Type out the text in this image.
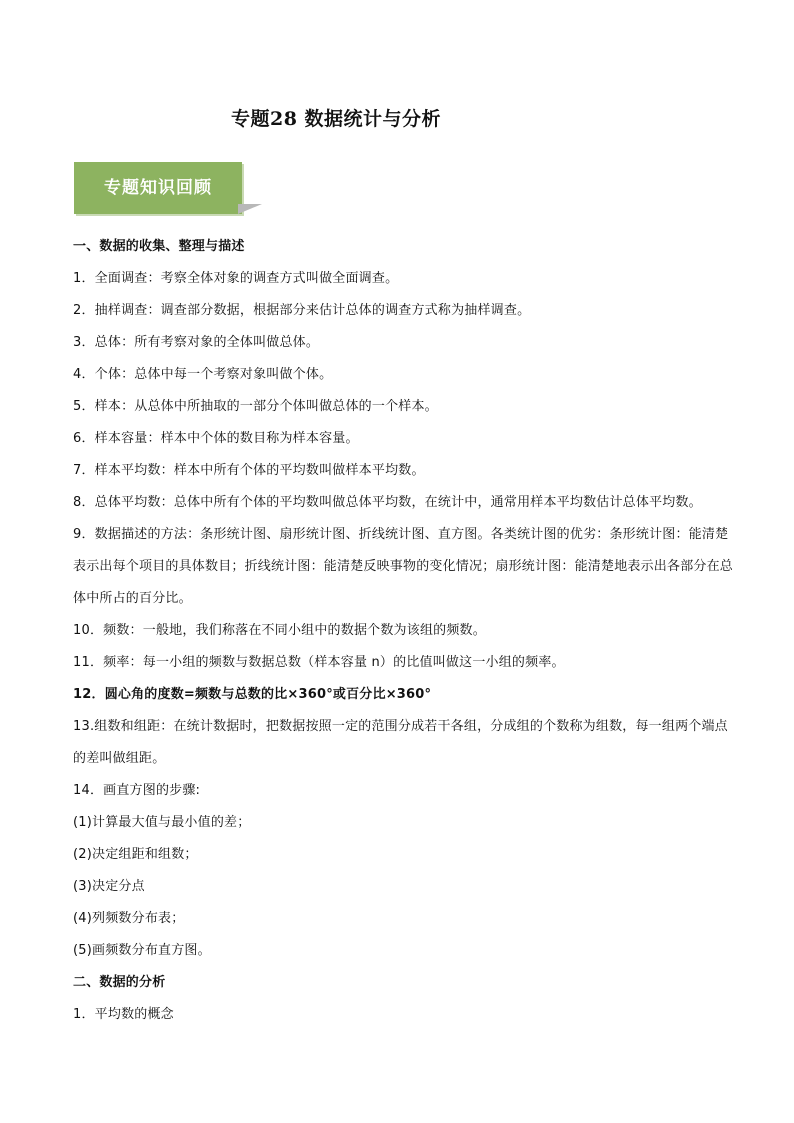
专题28 数据统计与分析
专题知识回顾
一、数据的收集、整理与描述
1．全面调查：考察全体对象的调查方式叫做全面调查。
2．抽样调查：调查部分数据，根据部分来估计总体的调查方式称为抽样调查。
3．总体：所有考察对象的全体叫做总体。
4．个体：总体中每一个考察对象叫做个体。
5．样本：从总体中所抽取的一部分个体叫做总体的一个样本。
6．样本容量：样本中个体的数目称为样本容量。
7．样本平均数：样本中所有个体的平均数叫做样本平均数。
8．总体平均数：总体中所有个体的平均数叫做总体平均数，在统计中，通常用样本平均数估计总体平均数。
9．数据描述的方法：条形统计图、扇形统计图、折线统计图、直方图。各类统计图的优劣：条形统计图：能清楚表示出每个项目的具体数目；折线统计图：能清楚反映事物的变化情况；扇形统计图：能清楚地表示出各部分在总体中所占的百分比。
10．频数：一般地，我们称落在不同小组中的数据个数为该组的频数。
11．频率：每一小组的频数与数据总数（样本容量 n）的比值叫做这一小组的频率。
12．圆心角的度数=频数与总数的比×360°或百分比×360°
13.组数和组距：在统计数据时，把数据按照一定的范围分成若干各组，分成组的个数称为组数，每一组两个端点的差叫做组距。
14．画直方图的步骤:
(1)计算最大值与最小值的差；
(2)决定组距和组数；
(3)决定分点
(4)列频数分布表；
(5)画频数分布直方图。
二、数据的分析
1．平均数的概念
